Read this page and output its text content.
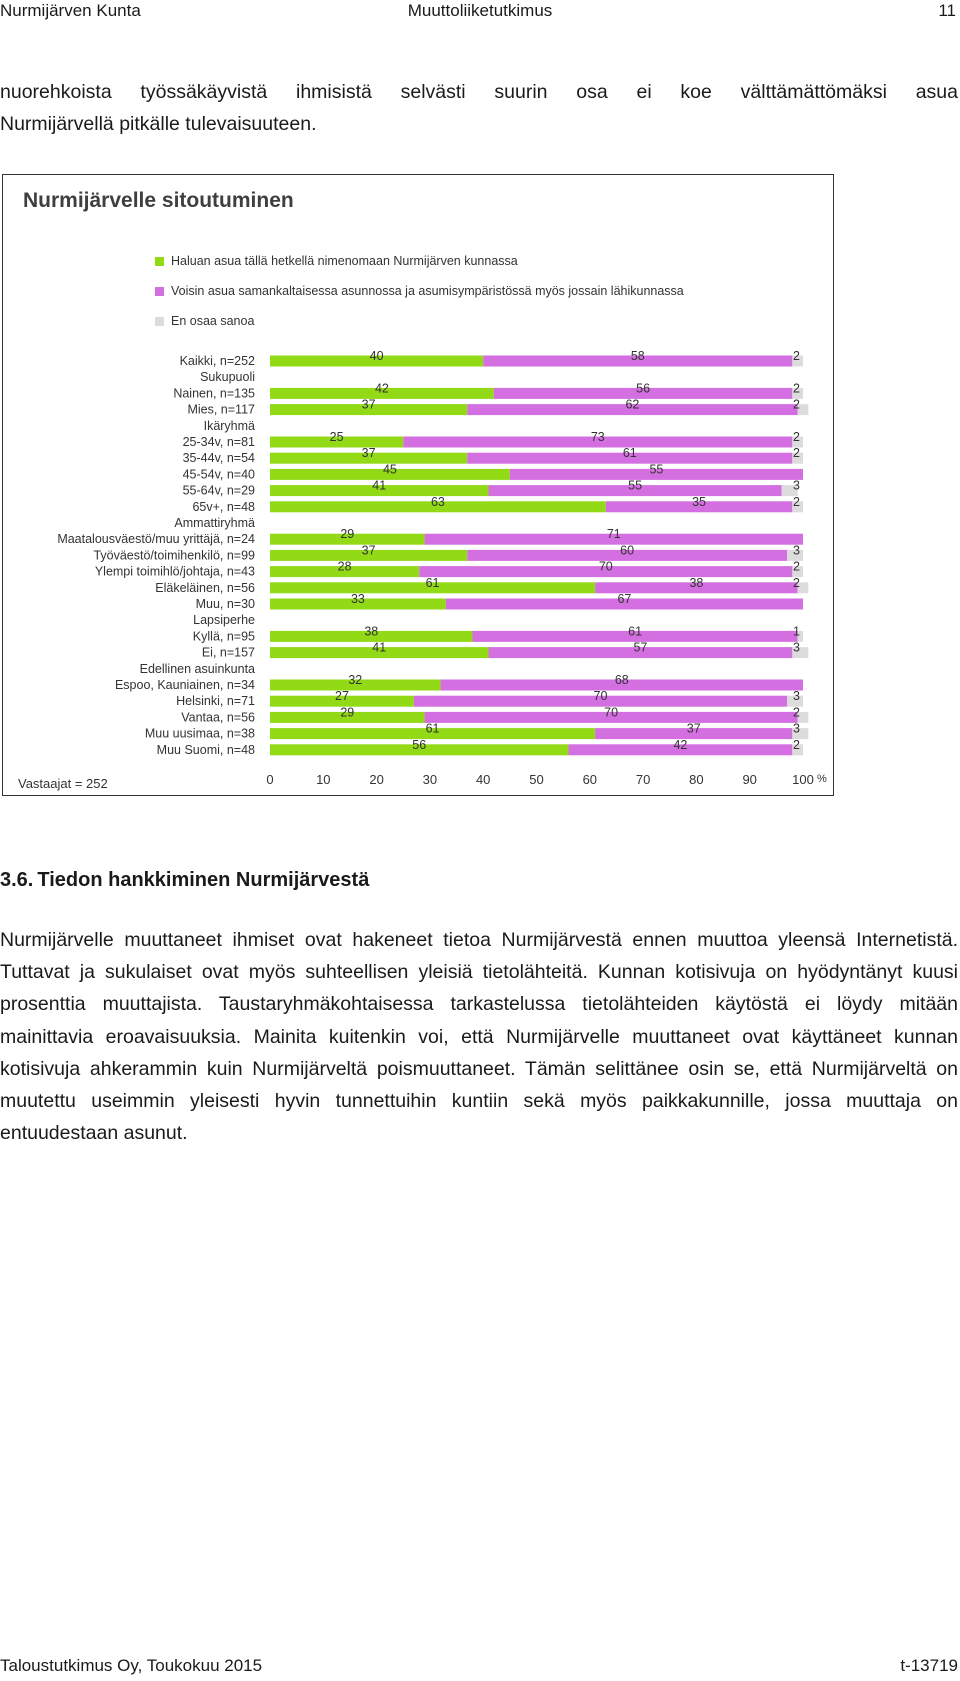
Nurmijärven Kunta	Muuttoliiketutkimus	11
nuorehkoista työssäkäyvistä ihmisistä selvästi suurin osa ei koe välttämättömäksi asua
Nurmijärvellä pitkälle tulevaisuuteen.
Nurmijärvelle sitoutuminen
Haluan asua tällä hetkellä nimenomaan Nurmijärven kunnassa
Voisin asua samankaltaisessa asunnossa ja asumisympäristössä myös jossain lähikunnassa
En osaa sanoa
Kaikki, n=252	40	58	2
Sukupuoli
Nainen, n=135	42	56	2
Mies, n=117	37	62	2
Ikäryhmä
25-34v, n=81	25	73	2
35-44v, n=54	37	61	2
45-54v, n=40	45	55
55-64v, n=29	41	55	3
65v+, n=48	63	35	2
Ammattiryhmä
Maatalousväestö/muu yrittäjä, n=24	29	71
Työväestö/toimihenkilö, n=99	37	60	3
Ylempi toimihlö/johtaja, n=43	28	70	2
Eläkeläinen, n=56	61	38	2
Muu, n=30	33	67
Lapsiperhe
Kyllä, n=95	38	61	1
Ei, n=157	41	57	3
Edellinen asuinkunta
Espoo, Kauniainen, n=34	32	68
Helsinki, n=71	27	70	3
Vantaa, n=56	29	70	2
Muu uusimaa, n=38	61	37	3
Muu Suomi, n=48	56	42	2
0	10	20	30	40	50	60	70	80	90	100 %
Vastaajat = 252
3.6. Tiedon hankkiminen Nurmijärvestä
Nurmijärvelle muuttaneet ihmiset ovat hakeneet tietoa Nurmijärvestä ennen muuttoa yleensä Internetistä. Tuttavat ja sukulaiset ovat myös suhteellisen yleisiä tietolähteitä. Kunnan kotisivuja on hyödyntänyt kuusi prosenttia muuttajista. Taustaryhmäkohtaisessa tarkastelussa tietolähteiden käytöstä ei löydy mitään mainittavia eroavaisuuksia. Mainita kuitenkin voi, että Nurmijärvelle muuttaneet ovat käyttäneet kunnan kotisivuja ahkerammin kuin Nurmijärveltä poismuuttaneet. Tämän selittänee osin se, että Nurmijärveltä on muutettu useimmin yleisesti hyvin tunnettuihin kuntiin sekä myös paikkakunnille, jossa muuttaja on entuudestaan asunut.
Taloustutkimus Oy, Toukokuu 2015	t-13719
